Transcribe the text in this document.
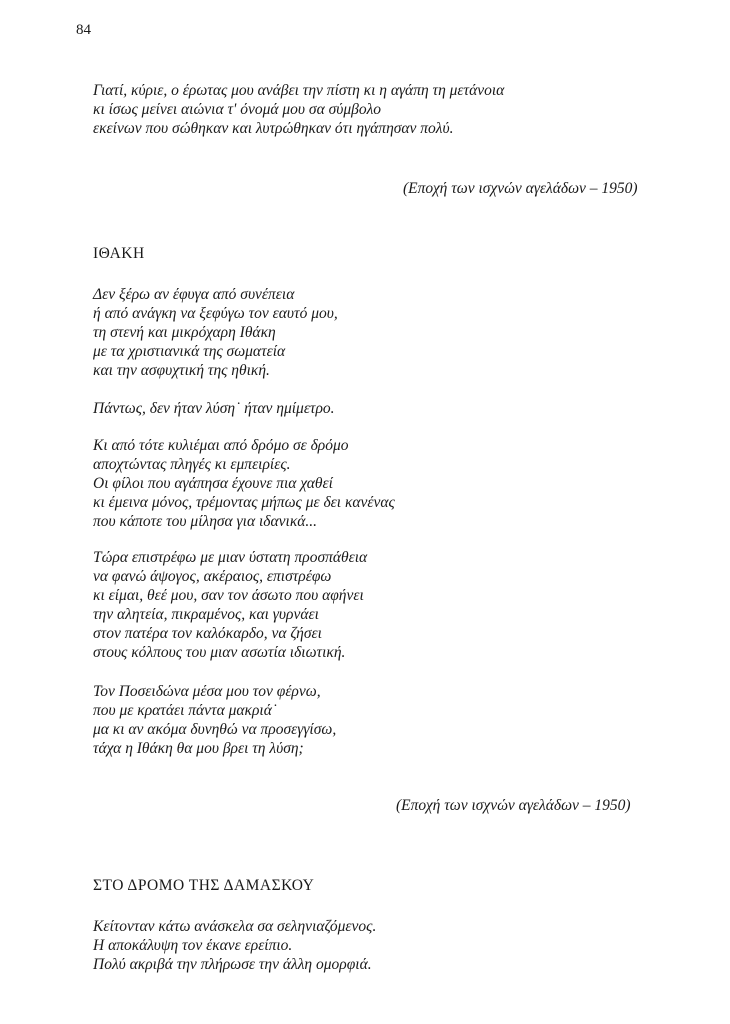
84
Γιατί, κύριε, ο έρωτας μου ανάβει την πίστη κι η αγάπη τη μετάνοια
κι ίσως μείνει αιώνια τ' όνομά μου σα σύμβολο
εκείνων που σώθηκαν και λυτρώθηκαν ότι ηγάπησαν πολύ.
(Εποχή των ισχνών αγελάδων – 1950)
ΙΘΑΚΗ
Δεν ξέρω αν έφυγα από συνέπεια
ή από ανάγκη να ξεφύγω τον εαυτό μου,
τη στενή και μικρόχαρη Ιθάκη
με τα χριστιανικά της σωματεία
και την ασφυχτική της ηθική.
Πάντως, δεν ήταν λύση˙ ήταν ημίμετρο.
Κι από τότε κυλιέμαι από δρόμο σε δρόμο
αποχτώντας πληγές κι εμπειρίες.
Οι φίλοι που αγάπησα έχουνε πια χαθεί
κι έμεινα μόνος, τρέμοντας μήπως με δει κανένας
που κάποτε του μίλησα για ιδανικά...
Τώρα επιστρέφω με μιαν ύστατη προσπάθεια
να φανώ άψογος, ακέραιος, επιστρέφω
κι είμαι, θεέ μου, σαν τον άσωτο που αφήνει
την αλητεία, πικραμένος, και γυρνάει
στον πατέρα τον καλόκαρδο, να ζήσει
στους κόλπους του μιαν ασωτία ιδιωτική.
Τον Ποσειδώνα μέσα μου τον φέρνω,
που με κρατάει πάντα μακριά˙
μα κι αν ακόμα δυνηθώ να προσεγγίσω,
τάχα η Ιθάκη θα μου βρει τη λύση;
(Εποχή των ισχνών αγελάδων – 1950)
ΣΤΟ ΔΡΟΜΟ ΤΗΣ ΔΑΜΑΣΚΟΥ
Κείτονταν κάτω ανάσκελα σα σεληνιαζόμενος.
Η αποκάλυψη τον έκανε ερείπιο.
Πολύ ακριβά την πλήρωσε την άλλη ομορφιά.
